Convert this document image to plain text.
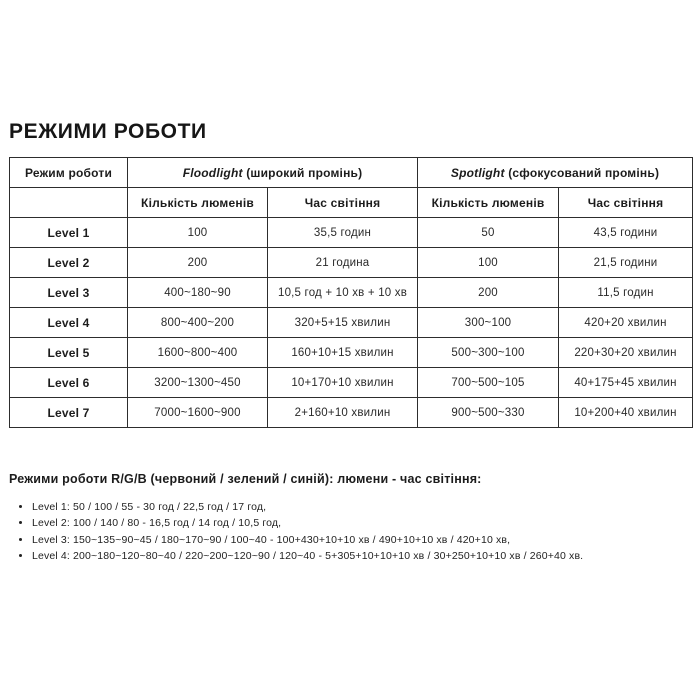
РЕЖИМИ РОБОТИ
Режим роботи	Floodlight (широкий промінь)		Spotlight (сфокусований промінь)	
	Кількість люменів	Час світіння	Кількість люменів	Час світіння
Level 1	100	35,5 годин	50	43,5 години
Level 2	200	21 година	100	21,5 години
Level 3	400~180~90	10,5 год + 10 хв + 10 хв	200	11,5 годин
Level 4	800~400~200	320+5+15 хвилин	300~100	420+20 хвилин
Level 5	1600~800~400	160+10+15 хвилин	500~300~100	220+30+20 хвилин
Level 6	3200~1300~450	10+170+10 хвилин	700~500~105	40+175+45 хвилин
Level 7	7000~1600~900	2+160+10 хвилин	900~500~330	10+200+40 хвилин

Режими роботи R/G/B (червоний / зелений / синій): люмени - час світіння:

• Level 1: 50 / 100 / 55 - 30 год / 22,5 год / 17 год,
• Level 2: 100 / 140 / 80 - 16,5 год / 14 год / 10,5 год,
• Level 3: 150~135~90~45 / 180~170~90 / 100~40 - 100+430+10+10 хв / 490+10+10 хв / 420+10 хв,
• Level 4: 200~180~120~80~40 / 220~200~120~90 / 120~40 - 5+305+10+10+10 хв / 30+250+10+10 хв / 260+40 хв.
